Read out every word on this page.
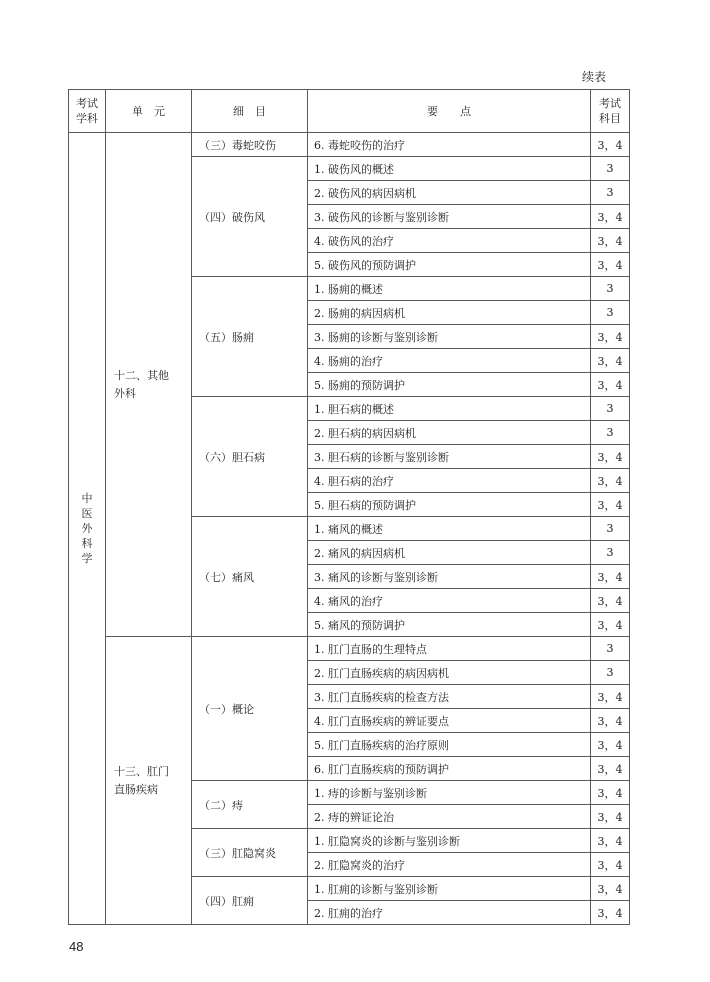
续表
考试学科	单　元	细　目	要　　点	考试科目
中医外科学	十二、其他外科	（三）毒蛇咬伤	6. 毒蛇咬伤的治疗	3，4
		（四）破伤风	1. 破伤风的概述	3
			2. 破伤风的病因病机	3
			3. 破伤风的诊断与鉴别诊断	3，4
			4. 破伤风的治疗	3，4
			5. 破伤风的预防调护	3，4
		（五）肠痈	1. 肠痈的概述	3
			2. 肠痈的病因病机	3
			3. 肠痈的诊断与鉴别诊断	3，4
			4. 肠痈的治疗	3，4
			5. 肠痈的预防调护	3，4
		（六）胆石病	1. 胆石病的概述	3
			2. 胆石病的病因病机	3
			3. 胆石病的诊断与鉴别诊断	3，4
			4. 胆石病的治疗	3，4
			5. 胆石病的预防调护	3，4
		（七）痛风	1. 痛风的概述	3
			2. 痛风的病因病机	3
			3. 痛风的诊断与鉴别诊断	3，4
			4. 痛风的治疗	3，4
			5. 痛风的预防调护	3，4
	十三、肛门直肠疾病	（一）概论	1. 肛门直肠的生理特点	3
			2. 肛门直肠疾病的病因病机	3
			3. 肛门直肠疾病的检查方法	3，4
			4. 肛门直肠疾病的辨证要点	3，4
			5. 肛门直肠疾病的治疗原则	3，4
			6. 肛门直肠疾病的预防调护	3，4
		（二）痔	1. 痔的诊断与鉴别诊断	3，4
			2. 痔的辨证论治	3，4
		（三）肛隐窝炎	1. 肛隐窝炎的诊断与鉴别诊断	3，4
			2. 肛隐窝炎的治疗	3，4
		（四）肛痈	1. 肛痈的诊断与鉴别诊断	3，4
			2. 肛痈的治疗	3，4
48
